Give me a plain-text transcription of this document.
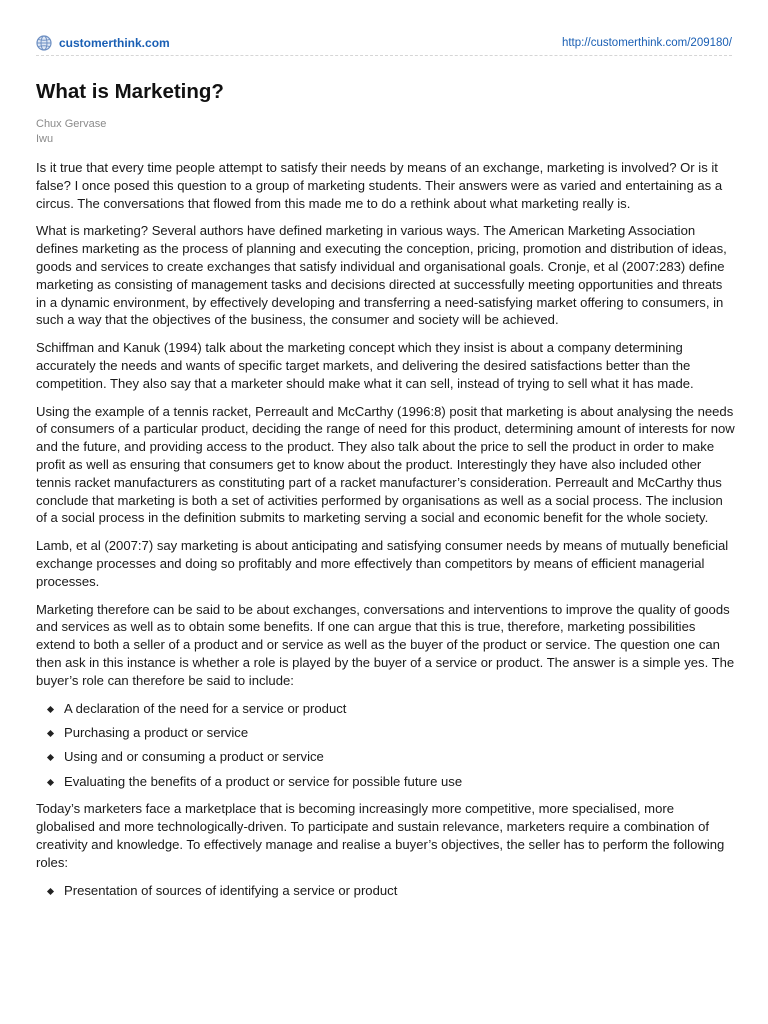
customerthink.com	http://customerthink.com/209180/
What is Marketing?
Chux Gervase
Iwu

Is it true that every time people attempt to satisfy their needs by means of an exchange, marketing is involved? Or is it false? I once posed this question to a group of marketing students. Their answers were as varied and entertaining as a circus. The conversations that flowed from this made me to do a rethink about what marketing really is.

What is marketing? Several authors have defined marketing in various ways. The American Marketing Association defines marketing as the process of planning and executing the conception, pricing, promotion and distribution of ideas, goods and services to create exchanges that satisfy individual and organisational goals. Cronje, et al (2007:283) define marketing as consisting of management tasks and decisions directed at successfully meeting opportunities and threats in a dynamic environment, by effectively developing and transferring a need-satisfying market offering to consumers, in such a way that the objectives of the business, the consumer and society will be achieved.

Schiffman and Kanuk (1994) talk about the marketing concept which they insist is about a company determining accurately the needs and wants of specific target markets, and delivering the desired satisfactions better than the competition. They also say that a marketer should make what it can sell, instead of trying to sell what it has made.

Using the example of a tennis racket, Perreault and McCarthy (1996:8) posit that marketing is about analysing the needs of consumers of a particular product, deciding the range of need for this product, determining amount of interests for now and the future, and providing access to the product. They also talk about the price to sell the product in order to make profit as well as ensuring that consumers get to know about the product. Interestingly they have also included other tennis racket manufacturers as constituting part of a racket manufacturer’s consideration. Perreault and McCarthy thus conclude that marketing is both a set of activities performed by organisations as well as a social process. The inclusion of a social process in the definition submits to marketing serving a social and economic benefit for the whole society.

Lamb, et al (2007:7) say marketing is about anticipating and satisfying consumer needs by means of mutually beneficial exchange processes and doing so profitably and more effectively than competitors by means of efficient managerial processes.

Marketing therefore can be said to be about exchanges, conversations and interventions to improve the quality of goods and services as well as to obtain some benefits. If one can argue that this is true, therefore, marketing possibilities extend to both a seller of a product and or service as well as the buyer of the product or service. The question one can then ask in this instance is whether a role is played by the buyer of a service or product. The answer is a simple yes. The buyer’s role can therefore be said to include:

A declaration of the need for a service or product
Purchasing a product or service
Using and or consuming a product or service
Evaluating the benefits of a product or service for possible future use

Today’s marketers face a marketplace that is becoming increasingly more competitive, more specialised, more globalised and more technologically-driven. To participate and sustain relevance, marketers require a combination of creativity and knowledge. To effectively manage and realise a buyer’s objectives, the seller has to perform the following roles:

Presentation of sources of identifying a service or product
